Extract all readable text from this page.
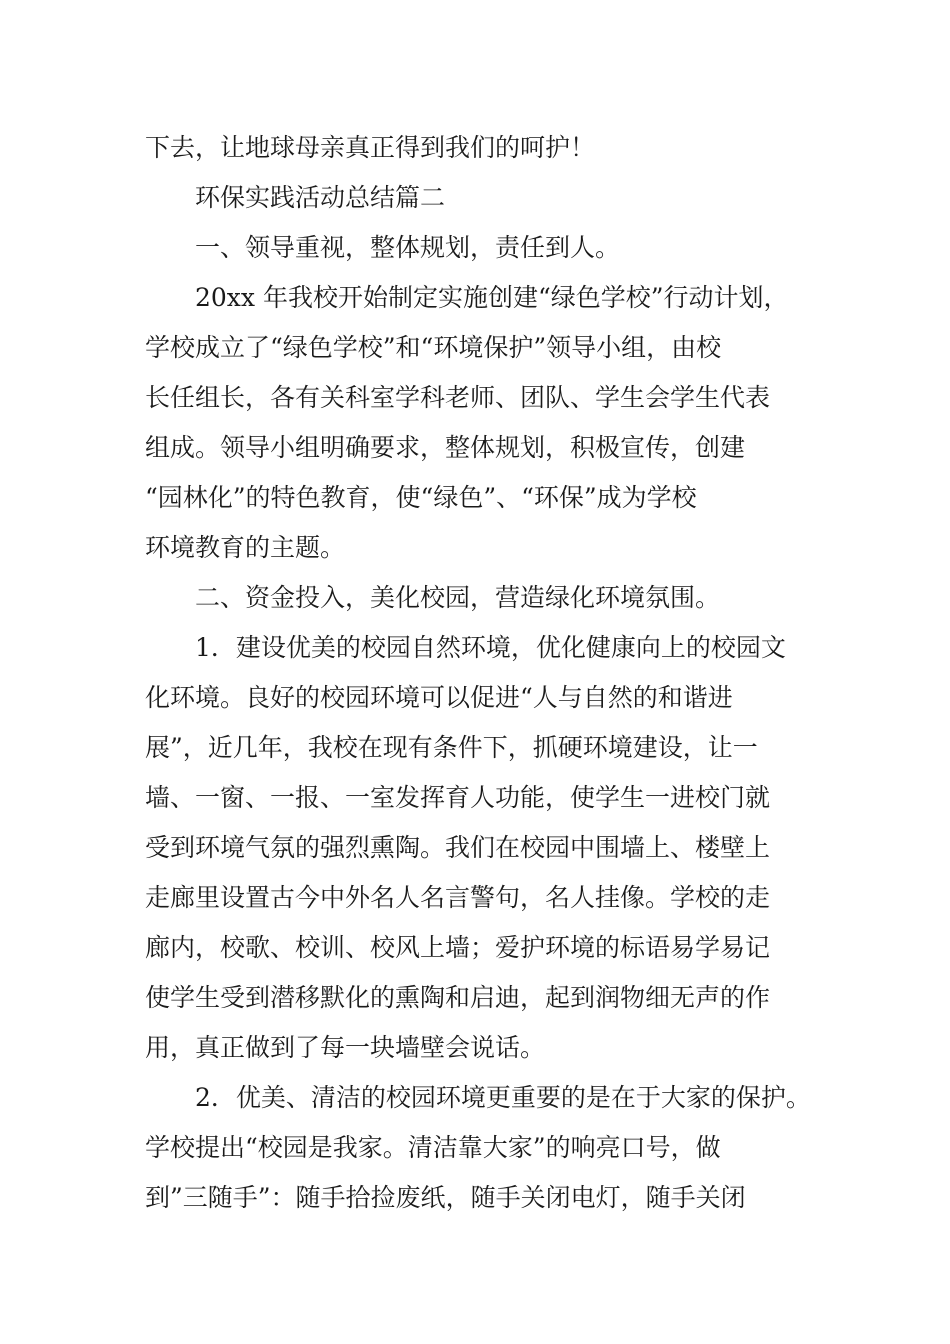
下去，让地球母亲真正得到我们的呵护！
环保实践活动总结篇二
一、领导重视，整体规划，责任到人。
20xx 年我校开始制定实施创建“绿色学校”行动计划，
学校成立了“绿色学校”和“环境保护”领导小组，由校
长任组长，各有关科室学科老师、团队、学生会学生代表
组成。领导小组明确要求，整体规划，积极宣传，创建
“园林化”的特色教育，使“绿色”、“环保”成为学校
环境教育的主题。
二、资金投入，美化校园，营造绿化环境氛围。
1．建设优美的校园自然环境，优化健康向上的校园文
化环境。良好的校园环境可以促进“人与自然的和谐进
展”，近几年，我校在现有条件下，抓硬环境建设，让一
墙、一窗、一报、一室发挥育人功能，使学生一进校门就
受到环境气氛的强烈熏陶。我们在校园中围墙上、楼壁上
走廊里设置古今中外名人名言警句，名人挂像。学校的走
廊内，校歌、校训、校风上墙；爱护环境的标语易学易记
使学生受到潜移默化的熏陶和启迪，起到润物细无声的作
用，真正做到了每一块墙壁会说话。
2．优美、清洁的校园环境更重要的是在于大家的保护。
学校提出“校园是我家。清洁靠大家”的响亮口号，做
到”三随手”：随手拾捡废纸，随手关闭电灯，随手关闭
